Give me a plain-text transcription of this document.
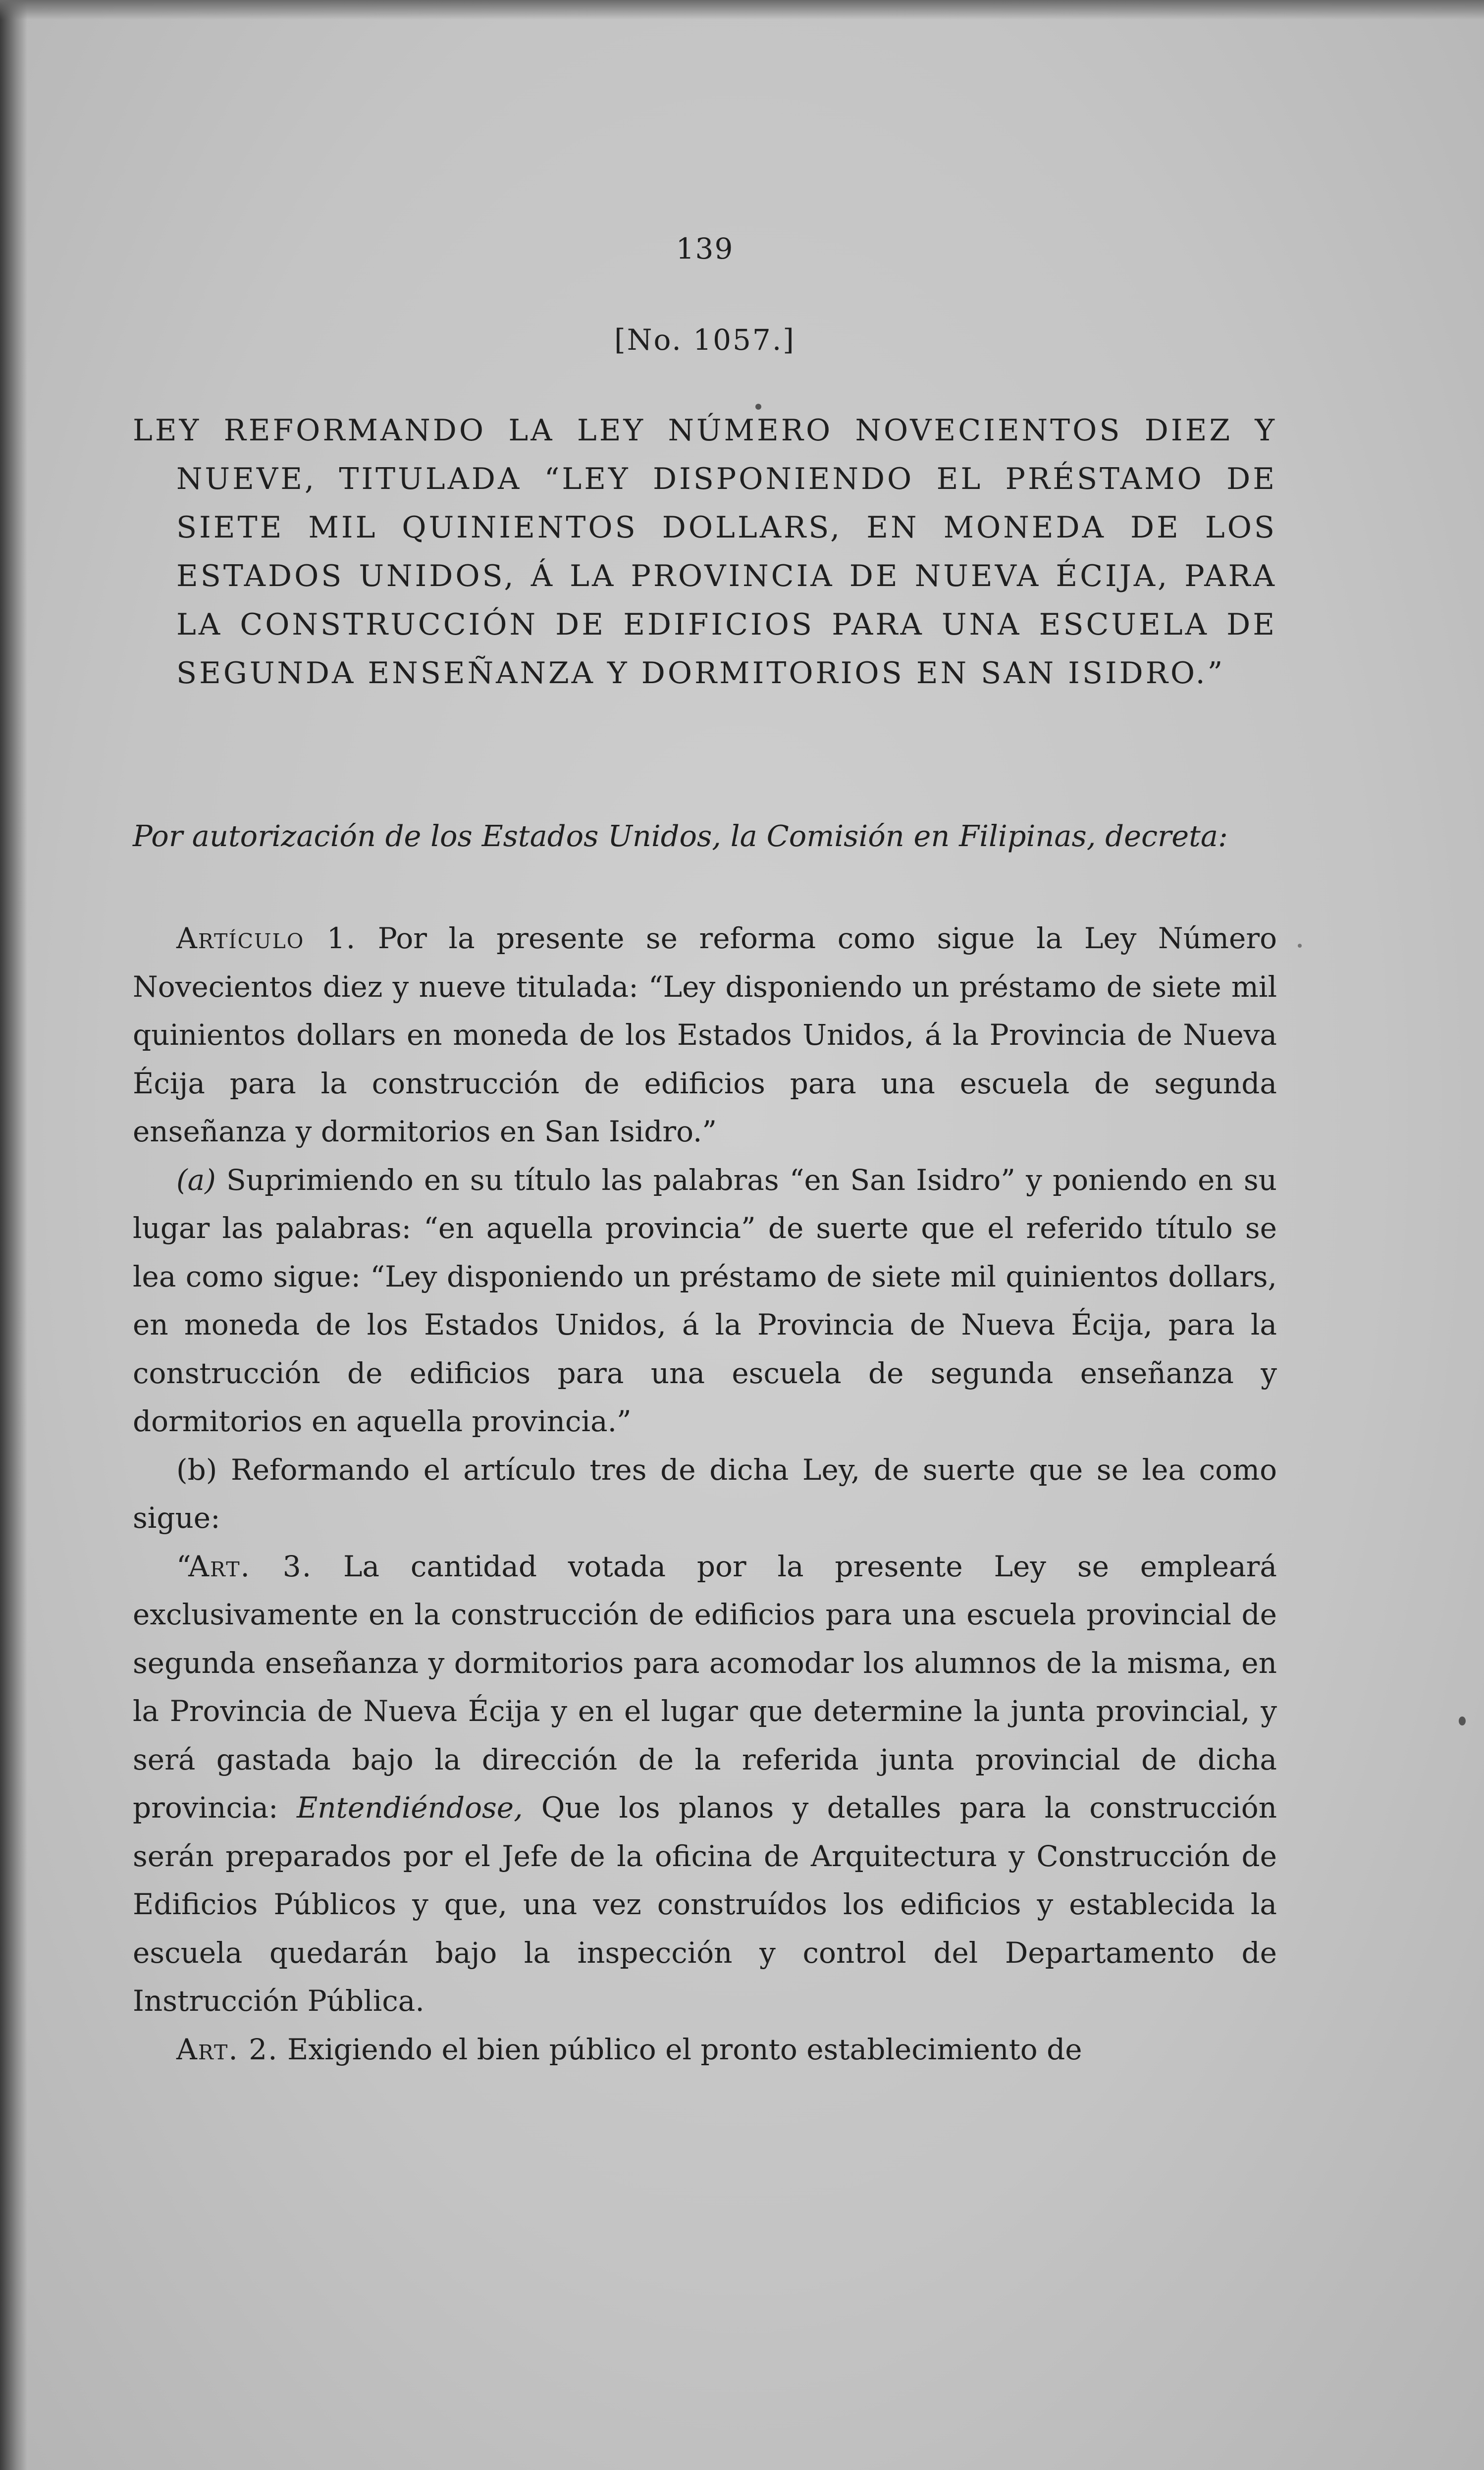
139
[No. 1057.]
LEY REFORMANDO LA LEY NÚMERO NOVECIENTOS DIEZ Y NUEVE, TITULADA “LEY DISPONIENDO EL PRÉSTAMO DE SIETE MIL QUINIENTOS DOLLARS, EN MONEDA DE LOS ESTADOS UNIDOS, Á LA PROVINCIA DE NUEVA ÉCIJA, PARA LA CONSTRUCCIÓN DE EDIFICIOS PARA UNA ESCUELA DE SEGUNDA ENSEÑANZA Y DORMITORIOS EN SAN ISIDRO.”
Por autorización de los Estados Unidos, la Comisión en Filipinas, decreta:

Artículo 1. Por la presente se reforma como sigue la Ley Número Novecientos diez y nueve titulada: “Ley disponiendo un préstamo de siete mil quinientos dollars en moneda de los Estados Unidos, á la Provincia de Nueva Écija para la construcción de edificios para una escuela de segunda enseñanza y dormitorios en San Isidro.”

(a) Suprimiendo en su título las palabras “en San Isidro” y poniendo en su lugar las palabras: “en aquella provincia” de suerte que el referido título se lea como sigue: “Ley disponiendo un préstamo de siete mil quinientos dollars, en moneda de los Estados Unidos, á la Provincia de Nueva Écija, para la construcción de edificios para una escuela de segunda enseñanza y dormitorios en aquella provincia.”

(b) Reformando el artículo tres de dicha Ley, de suerte que se lea como sigue:

“Art. 3. La cantidad votada por la presente Ley se empleará exclusivamente en la construcción de edificios para una escuela provincial de segunda enseñanza y dormitorios para acomodar los alumnos de la misma, en la Provincia de Nueva Écija y en el lugar que determine la junta provincial, y será gastada bajo la dirección de la referida junta provincial de dicha provincia: Entendiéndose, Que los planos y detalles para la construcción serán preparados por el Jefe de la oficina de Arquitectura y Construcción de Edificios Públicos y que, una vez construídos los edificios y establecida la escuela quedarán bajo la inspección y control del Departamento de Instrucción Pública.

Art. 2. Exigiendo el bien público el pronto establecimiento de
